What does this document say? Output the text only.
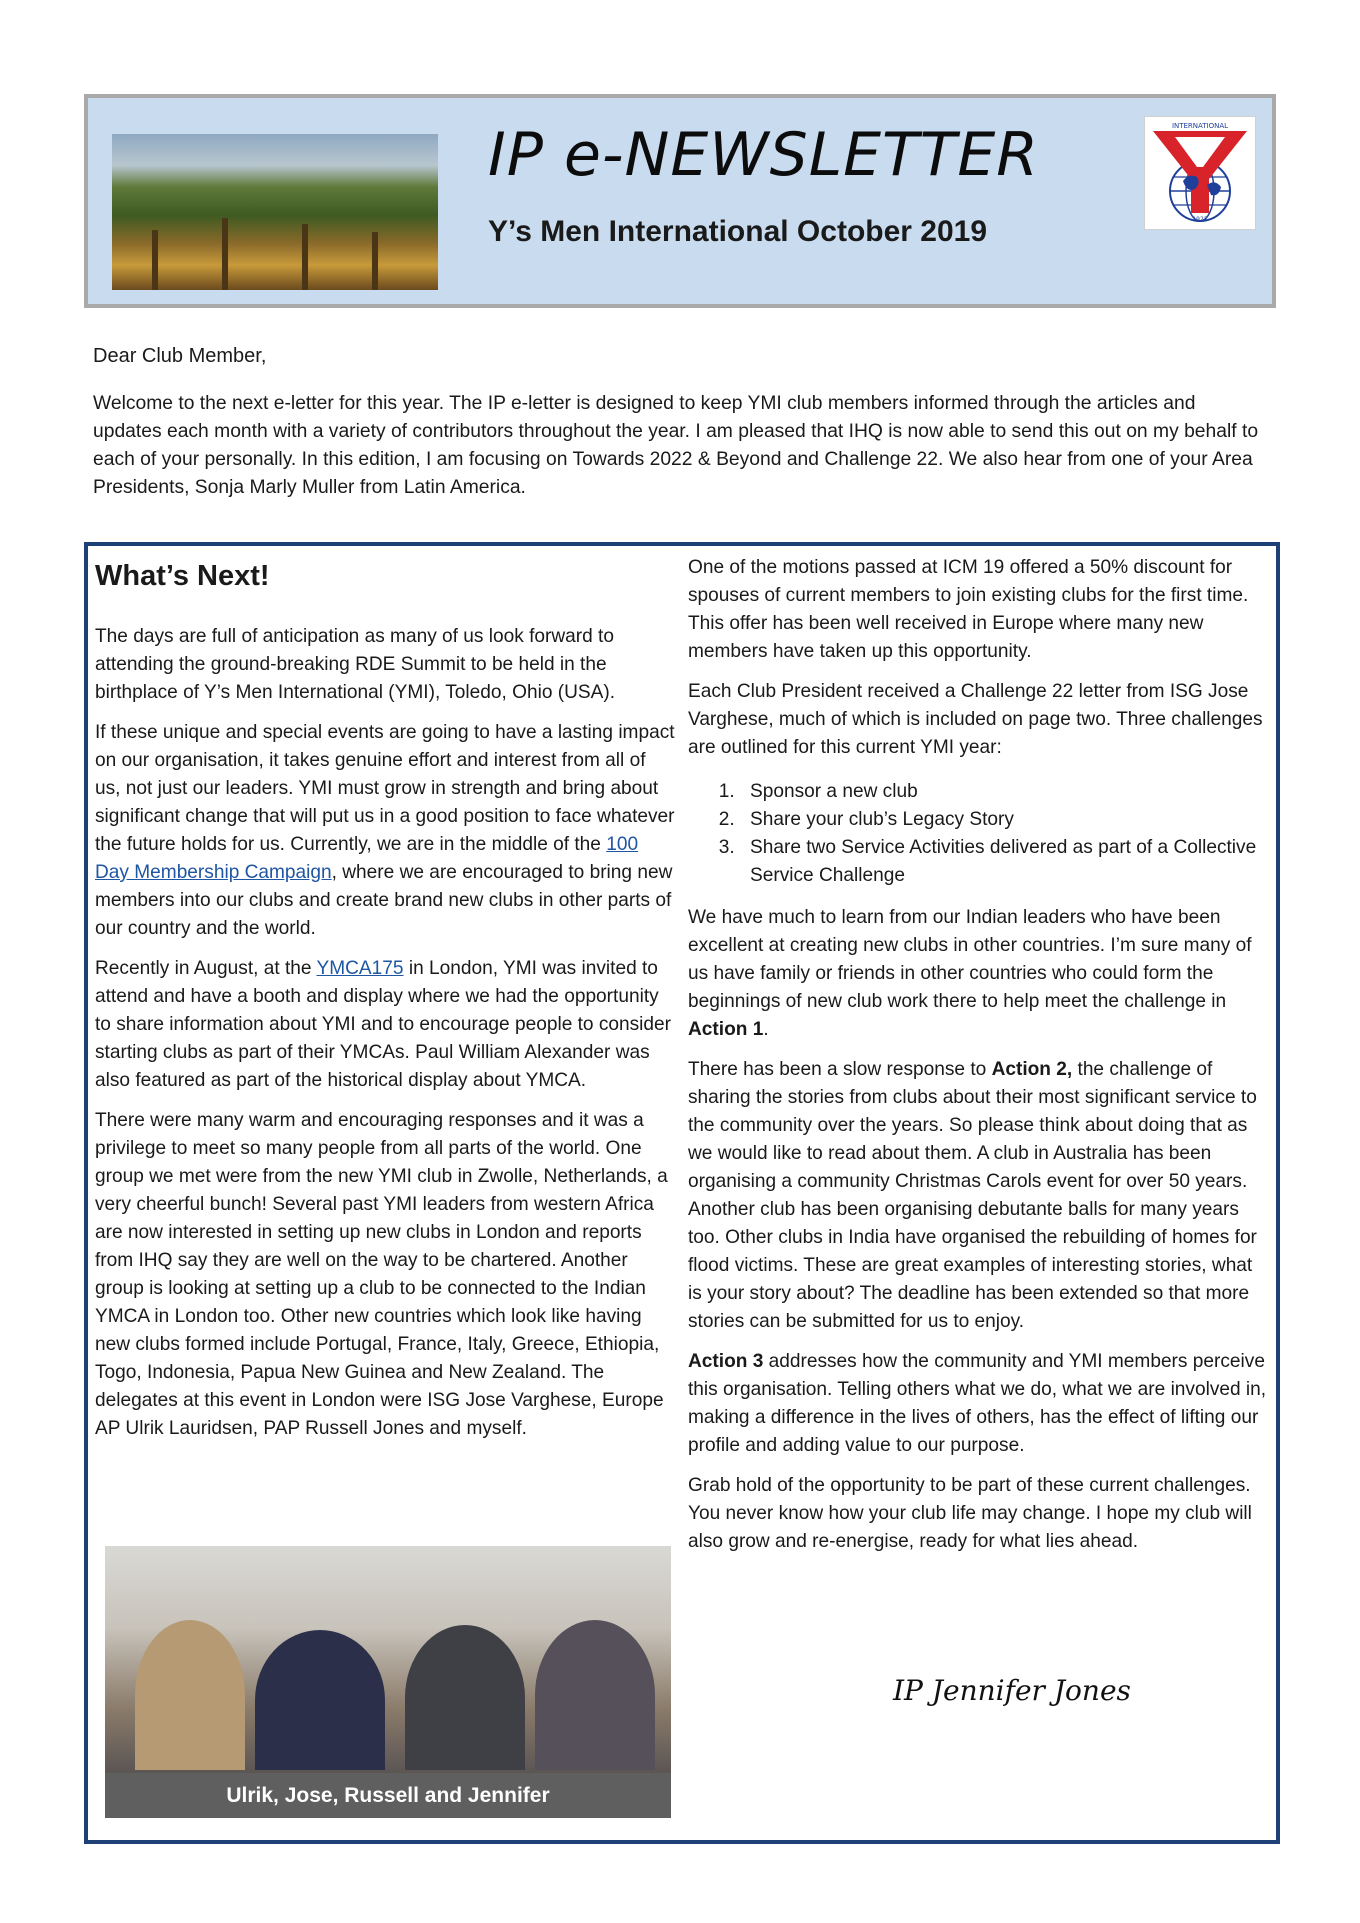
IP e-NEWSLETTER
Y’s Men International October 2019
INTERNATIONAL
1922
Dear Club Member,
Welcome to the next e-letter for this year. The IP e-letter is designed to keep YMI club members informed through the articles and updates each month with a variety of contributors throughout the year. I am pleased that IHQ is now able to send this out on my behalf to each of your personally. In this edition, I am focusing on Towards 2022 & Beyond and Challenge 22. We also hear from one of your Area Presidents, Sonja Marly Muller from Latin America.
What’s Next!

The days are full of anticipation as many of us look forward to attending the ground-breaking RDE Summit to be held in the birthplace of Y’s Men International (YMI), Toledo, Ohio (USA).

If these unique and special events are going to have a lasting impact on our organisation, it takes genuine effort and interest from all of us, not just our leaders. YMI must grow in strength and bring about significant change that will put us in a good position to face whatever the future holds for us. Currently, we are in the middle of the 100 Day Membership Campaign, where we are encouraged to bring new members into our clubs and create brand new clubs in other parts of our country and the world.

Recently in August, at the YMCA175 in London, YMI was invited to attend and have a booth and display where we had the opportunity to share information about YMI and to encourage people to consider starting clubs as part of their YMCAs. Paul William Alexander was also featured as part of the historical display about YMCA.

There were many warm and encouraging responses and it was a privilege to meet so many people from all parts of the world. One group we met were from the new YMI club in Zwolle, Netherlands, a very cheerful bunch! Several past YMI leaders from western Africa are now interested in setting up new clubs in London and reports from IHQ say they are well on the way to be chartered. Another group is looking at setting up a club to be connected to the Indian YMCA in London too. Other new countries which look like having new clubs formed include Portugal, France, Italy, Greece, Ethiopia, Togo, Indonesia, Papua New Guinea and New Zealand. The delegates at this event in London were ISG Jose Varghese, Europe AP Ulrik Lauridsen, PAP Russell Jones and myself.

Ulrik, Jose, Russell and Jennifer

One of the motions passed at ICM 19 offered a 50% discount for spouses of current members to join existing clubs for the first time. This offer has been well received in Europe where many new members have taken up this opportunity.

Each Club President received a Challenge 22 letter from ISG Jose Varghese, much of which is included on page two. Three challenges are outlined for this current YMI year:

1. Sponsor a new club
2. Share your club’s Legacy Story
3. Share two Service Activities delivered as part of a Collective Service Challenge

We have much to learn from our Indian leaders who have been excellent at creating new clubs in other countries. I’m sure many of us have family or friends in other countries who could form the beginnings of new club work there to help meet the challenge in Action 1.

There has been a slow response to Action 2, the challenge of sharing the stories from clubs about their most significant service to the community over the years. So please think about doing that as we would like to read about them. A club in Australia has been organising a community Christmas Carols event for over 50 years. Another club has been organising debutante balls for many years too. Other clubs in India have organised the rebuilding of homes for flood victims. These are great examples of interesting stories, what is your story about? The deadline has been extended so that more stories can be submitted for us to enjoy.

Action 3 addresses how the community and YMI members perceive this organisation. Telling others what we do, what we are involved in, making a difference in the lives of others, has the effect of lifting our profile and adding value to our purpose.

Grab hold of the opportunity to be part of these current challenges. You never know how your club life may change. I hope my club will also grow and re-energise, ready for what lies ahead.

IP Jennifer Jones
